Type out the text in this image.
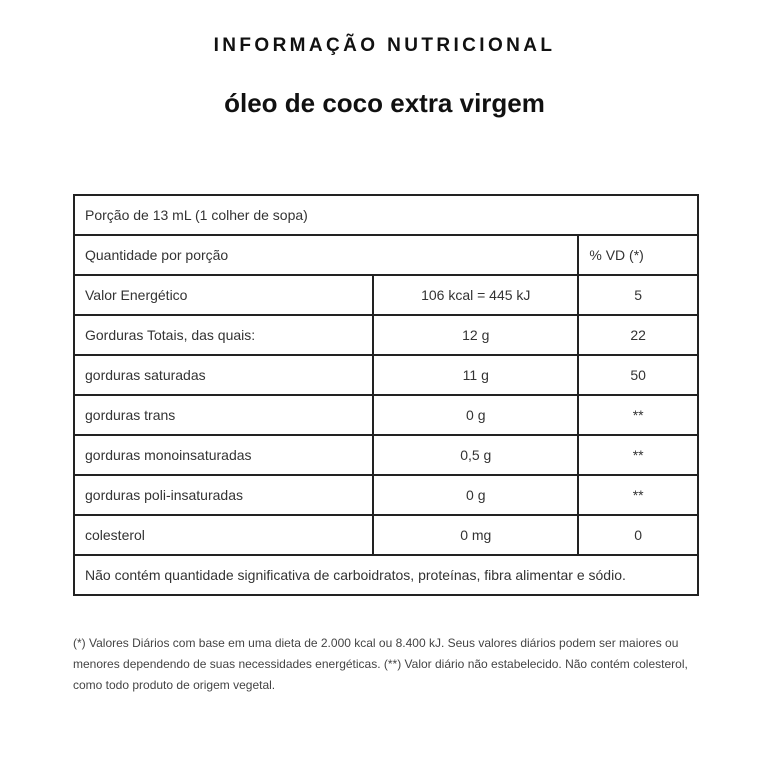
INFORMAÇÃO NUTRICIONAL
óleo de coco extra virgem
Porção de 13 mL (1 colher de sopa)		
Quantidade por porção		% VD (*)
Valor Energético	106 kcal = 445 kJ	5
Gorduras Totais, das quais:	12 g	22
gorduras saturadas	11 g	50
gorduras trans	0 g	**
gorduras monoinsaturadas	0,5 g	**
gorduras poli-insaturadas	0 g	**
colesterol	0 mg	0
Não contém quantidade significativa de carboidratos, proteínas, fibra alimentar e sódio.		
(*) Valores Diários com base em uma dieta de 2.000 kcal ou 8.400 kJ. Seus valores diários podem ser maiores ou menores dependendo de suas necessidades energéticas. (**) Valor diário não estabelecido. Não contém colesterol, como todo produto de origem vegetal.
